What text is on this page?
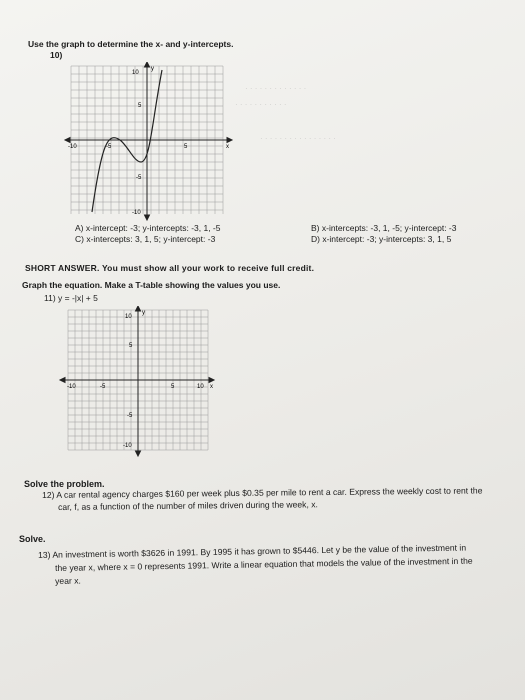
Use the graph to determine the x- and y-intercepts.
10)
· · · · · · · · · · · · ·
· · · · · · · · · · ·
· · · · · · · · · · · · · · · ·
10
y
5
-10	-5	5	x
-5
-10
A) x-intercept: -3; y-intercepts: -3, 1, -5	B) x-intercepts: -3, 1, -5; y-intercept: -3
C) x-intercepts: 3, 1, 5; y-intercept: -3	D) x-intercept: -3; y-intercepts: 3, 1, 5
SHORT ANSWER. You must show all your work to receive full credit.
Graph the equation. Make a T-table showing the values you use.
11) y = -|x| + 5
y
10
5
-10	-5	5	10 x
-5
-10
Solve the problem.
12) A car rental agency charges $160 per week plus $0.35 per mile to rent a car. Express the weekly cost to rent the
car, f, as a function of the number of miles driven during the week, x.
Solve.
13) An investment is worth $3626 in 1991. By 1995 it has grown to $5446. Let y be the value of the investment in
the year x, where x = 0 represents 1991. Write a linear equation that models the value of the investment in the
year x.
